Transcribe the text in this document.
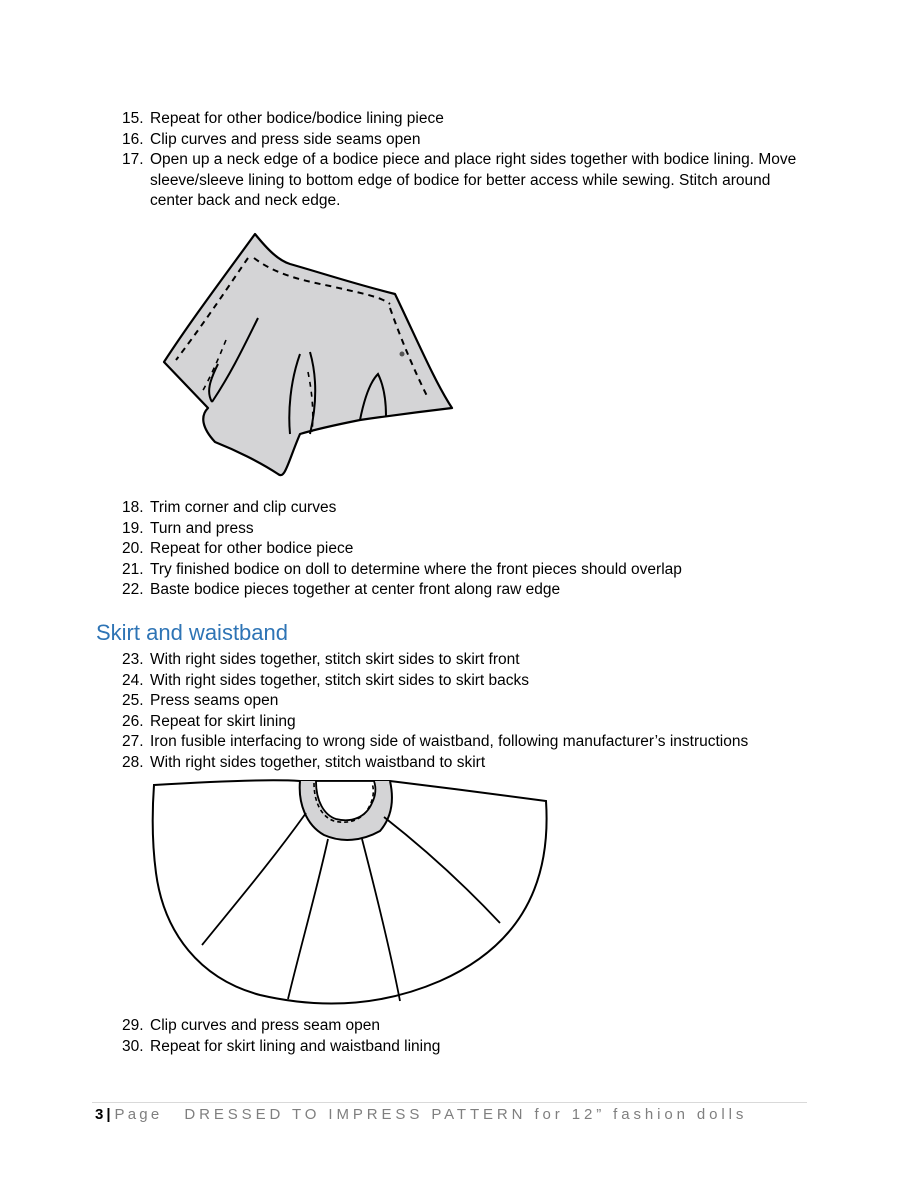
15. Repeat for other bodice/bodice lining piece
16. Clip curves and press side seams open
17. Open up a neck edge of a bodice piece and place right sides together with bodice lining. Move sleeve/sleeve lining to bottom edge of bodice for better access while sewing. Stitch around center back and neck edge.
18. Trim corner and clip curves
19. Turn and press
20. Repeat for other bodice piece
21. Try finished bodice on doll to determine where the front pieces should overlap
22. Baste bodice pieces together at center front along raw edge
Skirt and waistband
23. With right sides together, stitch skirt sides to skirt front
24. With right sides together, stitch skirt sides to skirt backs
25. Press seams open
26. Repeat for skirt lining
27. Iron fusible interfacing to wrong side of waistband, following manufacturer’s instructions
28. With right sides together, stitch waistband to skirt
29. Clip curves and press seam open
30. Repeat for skirt lining and waistband lining
3 | Page DRESSED TO IMPRESS PATTERN for 12” fashion dolls
